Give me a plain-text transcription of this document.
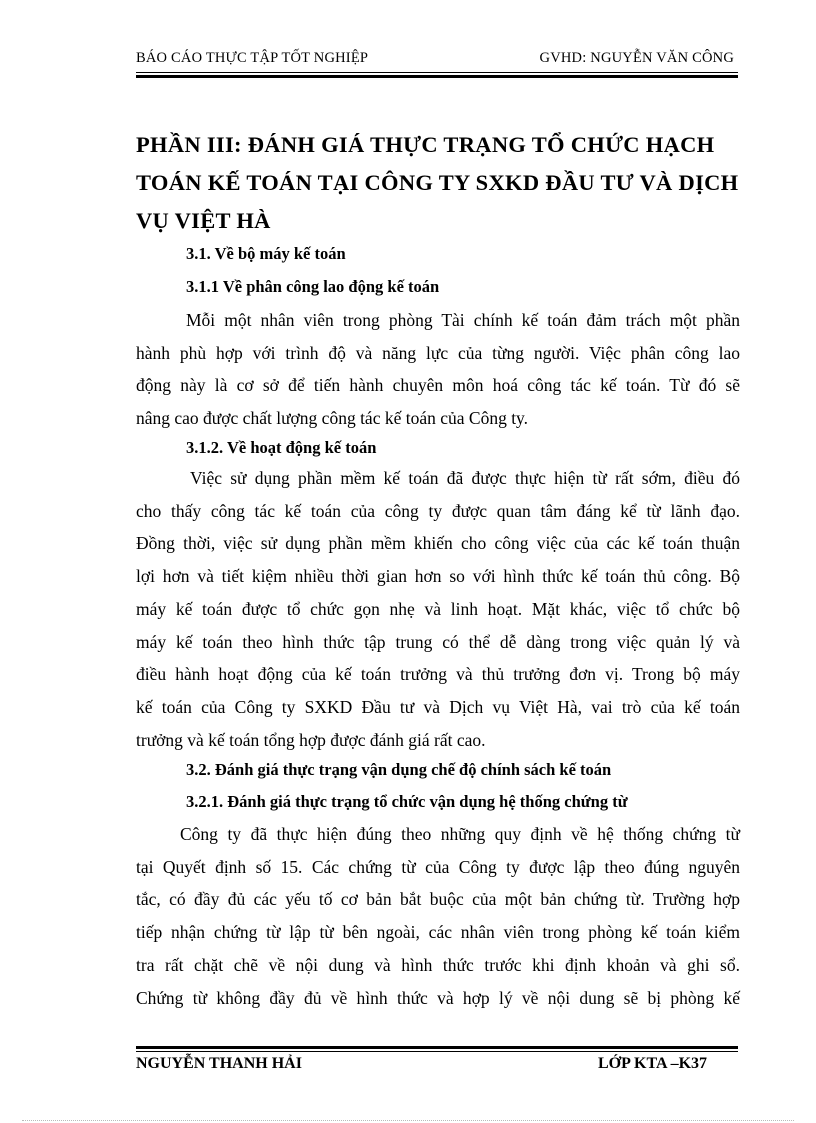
BÁO CÁO THỰC TẬP TỐT NGHIỆP	GVHD: NGUYỄN VĂN CÔNG
PHẦN III: ĐÁNH GIÁ THỰC TRẠNG TỔ CHỨC HẠCH
TOÁN KẾ TOÁN TẠI CÔNG TY SXKD ĐẦU TƯ VÀ DỊCH
VỤ VIỆT HÀ
3.1. Về bộ máy kế toán
3.1.1 Về phân công lao động kế toán
Mỗi một nhân viên trong phòng Tài chính kế toán đảm trách một phần
hành phù hợp với trình độ và năng lực của từng người. Việc phân công lao
động này là cơ sở để tiến hành chuyên môn hoá công tác kế toán. Từ đó sẽ
nâng cao được chất lượng công tác kế toán của Công ty.
3.1.2. Về hoạt động kế toán
Việc sử dụng phần mềm kế toán đã được thực hiện từ rất sớm, điều đó
cho thấy công tác kế toán của công ty được quan tâm đáng kể từ lãnh đạo.
Đồng thời, việc sử dụng phần mềm khiến cho công việc của các kế toán thuận
lợi hơn và tiết kiệm nhiều thời gian hơn so với hình thức kế toán thủ công. Bộ
máy kế toán được tổ chức gọn nhẹ và linh hoạt. Mặt khác, việc tổ chức bộ
máy kế toán theo hình thức tập trung có thể dễ dàng trong việc quản lý và
điều hành hoạt động của kế toán trưởng và thủ trưởng đơn vị. Trong bộ máy
kế toán của Công ty SXKD Đầu tư và Dịch vụ Việt Hà, vai trò của kế toán
trưởng và kế toán tổng hợp được đánh giá rất cao.
3.2. Đánh giá thực trạng vận dụng chế độ chính sách kế toán
3.2.1. Đánh giá thực trạng tổ chức vận dụng hệ thống chứng từ
Công ty đã thực hiện đúng theo những quy định về hệ thống chứng từ
tại Quyết định số 15. Các chứng từ của Công ty được lập theo đúng nguyên
tắc, có đầy đủ các yếu tố cơ bản bắt buộc của một bản chứng từ. Trường hợp
tiếp nhận chứng từ lập từ bên ngoài, các nhân viên trong phòng kế toán kiểm
tra rất chặt chẽ về nội dung và hình thức trước khi định khoản và ghi sổ.
Chứng từ không đầy đủ về hình thức và hợp lý về nội dung sẽ bị phòng kế
NGUYỄN THANH HẢI	LỚP KTA –K37
